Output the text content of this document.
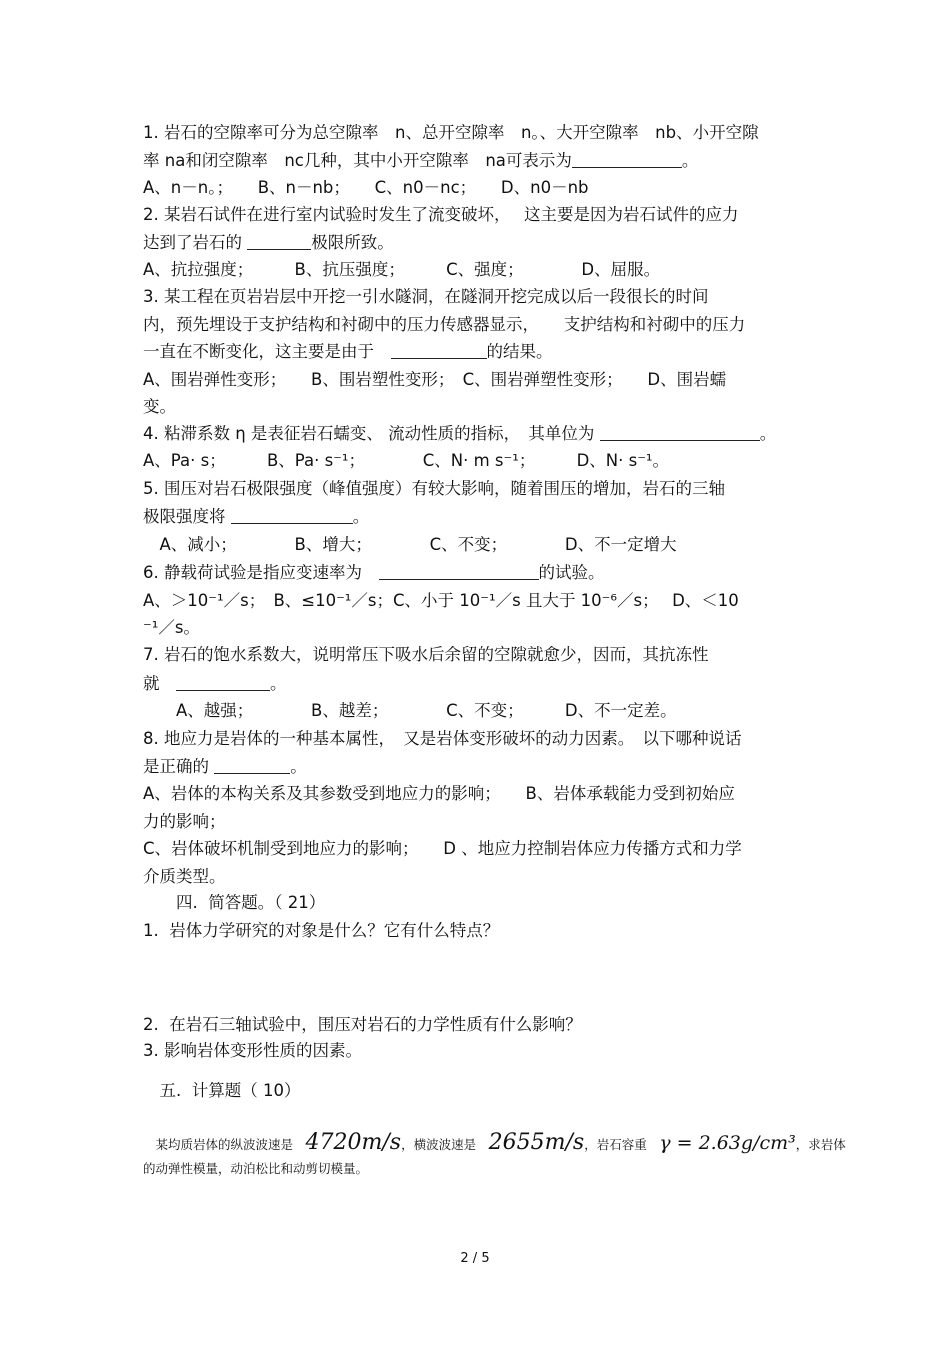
1. 岩石的空隙率可分为总空隙率　n、总开空隙率　n。、大开空隙率　nb、小开空隙
率 na和闭空隙率　nc几种，其中小开空隙率　na可表示为	。
A、n－n。；　　B、n－nb；　　C、n0－nc；　　D、n0－nb
2. 某岩石试件在进行室内试验时发生了流变破坏，　 这主要是因为岩石试件的应力
达到了岩石的	极限所致。
A、抗拉强度；　　　B、抗压强度；　　　C、强度；　　　　D、屈服。
3. 某工程在页岩岩层中开挖一引水隧洞，在隧洞开挖完成以后一段很长的时间
内，预先埋设于支护结构和衬砌中的压力传感器显示，　　支护结构和衬砌中的压力
一直在不断变化，这主要是由于　	的结果。
A、围岩弹性变形；　　B、围岩塑性变形；　C、围岩弹塑性变形；　　D、围岩蠕
变。
4. 粘滞系数 η 是表征岩石蠕变、 流动性质的指标，　其单位为	。
A、Pa· s；　　　B、Pa· s⁻¹；　　　　C、N· m s⁻¹；　　　D、N· s⁻¹。
5. 围压对岩石极限强度（峰值强度）有较大影响，随着围压的增加，岩石的三轴
极限强度将	。
　A、减小；　　　　B、增大；　　　　C、不变；　　　　D、不一定增大
6. 静载荷试验是指应变速率为　	的试验。
A、＞10⁻¹／s；　B、≤10⁻¹／s；C、小于 10⁻¹／s 且大于 10⁻⁶／s；　 D、＜10
⁻¹／s。
7. 岩石的饱水系数大，说明常压下吸水后余留的空隙就愈少，因而，其抗冻性
就　	。
　　A、越强；　　　　B、越差；　　　　C、不变；　　　D、不一定差。
8. 地应力是岩体的一种基本属性，　又是岩体变形破坏的动力因素。　以下哪种说话
是正确的	。
A、岩体的本构关系及其参数受到地应力的影响；　　B、岩体承载能力受到初始应
力的影响；
C、岩体破坏机制受到地应力的影响；　　D 、地应力控制岩体应力传播方式和力学
介质类型。
　　四.  简答题。（ 21）
1.  岩体力学研究的对象是什么？它有什么特点？
2.  在岩石三轴试验中，围压对岩石的力学性质有什么影响？
3. 影响岩体变形性质的因素。
　五.  计算题（ 10）
　某均质岩体的纵波波速是　 4720m/s，横波波速是　 2655m/s，岩石容重　 γ = 2.63g/cm³，求岩体
的动弹性模量，动泊松比和动剪切模量。
2 / 5
